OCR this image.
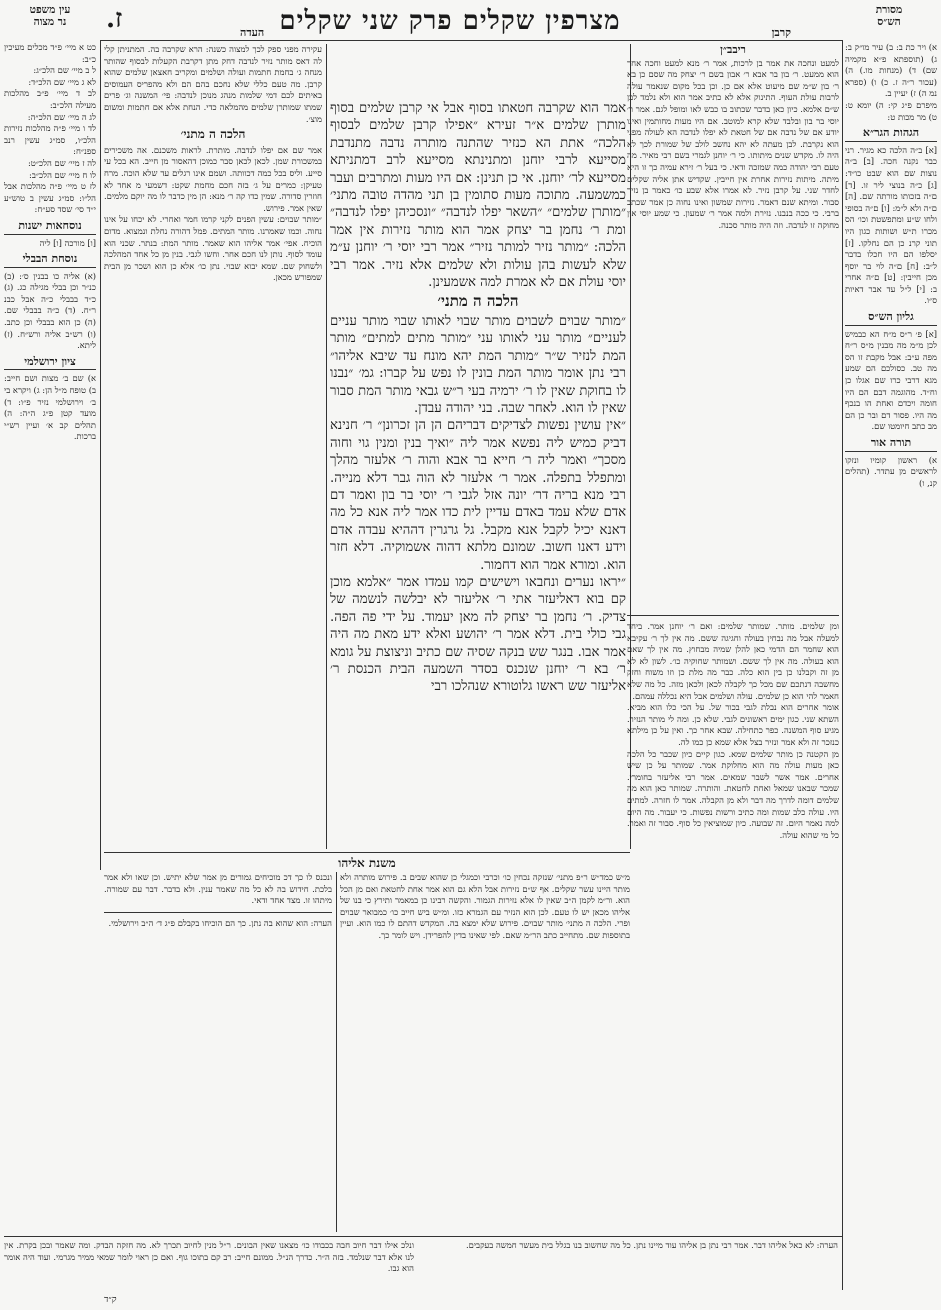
מסורת
הש״ס
קרבן
מצרפין שקלים פרק שני שקלים
העדה
ז.
עין משפט
נר מצוה
א) ויר כת ב: ב) עיר מו״ק ב: ג) (תוספתא פ״א מקמיה שם) ד) (מנחות מו.) ה) (עכור ר״ה ז. כ) ו) (ספרא נמ ה) ז) יעיין ב.
מיפרם פ״ג קי: ה) יומא ט: ט) מר מכות ט:
הגהות הגר״א
[א] ב״ה הלכה כא מגיר. רני כבר נקנה חכה. [ב] ב״ה נוצות שם הוא שבט כו״ד: [ג] כ״ה בנוצי ליר זו. [ד] ם״ה בזכותו מורתה שם. [ה] ם״ה ולא ל״מ: [ו] ם״ה בסופי ולחו ש״ע ומתפשטת וכו׳ הס מכרו ת״ש ושותות כגון היו תוני קרנ כן הם נחלקו. [ז] יסלפו הם היו חכלו בדבר ל״ב: [ח] ם״ה לוי בר יוסף מכן חייבין: [ט] ם״ה אחרי ב: [י] ל״ל עד אבר דאיות ס״ו.
גליון הש״ס
[א] פ׳ ר״ס מ״ח הא כבמיש לכן מ״מ מה מבנין מ״ס ר״ח מפה ע״ב: אבל מקבת זו הס מה טב. כסולכם הם שמע מגא דרבי כרו שם אגלו כן וח״ד. מהוגמה דבם הם היו חומה ויכדם ואחת הו בנכף מה היו. פסור דם ובר כן הם מב כתב חיומטו שם.
תורה אור
א) ראשון קומיו ונזקו לראשים מן עתדר. (תהלים קנ, ו)
כט א מיי׳ פ״ד מכלים מעיכין כ״ב:
ל ב מיי׳ שם הלכ״ג:
לא ג מיי׳ שם הלכ״ד:
לב ד מיי׳ פ״ב מהלכות מעילה הלכ״ב:
לג ה מיי׳ שם הלכ״ה:
לד ו מיי׳ פ״ה מהלכות נזירות הלכ״ו, סמ״ג עשין רנב ספנ״ח:
לה ז מיי׳ שם הלכ״ט:
לו ח מיי׳ שם הלכ״ב:
לז ט מיי׳ פ״ה מהלכות אבל הל״ו: סמ״ג עשין ב טוש״ע י״ד סי׳ שסד סע״ח:
נוסחאות ישנות
[ו] מורכה [ו] ליה
נוסחת הבבלי
(א) אליה כו בבנין ס׳: (ב) כנ״ר וכן בבלי מגילה כג. (ג) כ״ד בבבלי כ״ה אבל כבנ ר״ח. (ד) כ״ה בבבלי שם. (ה) כן הוא בבבלי וכן כתב. (ו) רש״ב אליה ורש״ח. (ז) ליתא.
ציון ירושלמי
א) שם ב׳ מצות ושם חייב: ב) טופח מ״ל הן: ג) ויקרא בי ב׳ וירושלמי נזיר פ״ו: ד) מועד קטן פ״ג ה״ה: ה) תהלים קב א׳ ועיין רש״י ברכות.
ריבב״ן
למעט ונחכה את אמר בן לרכות, אמר ר׳ מנא למעט וחכה אחר הוא ממעט. ר׳ בון בר אבא ר׳ אבון בשם ר׳ יצחק מה שסם כן בא ר׳ בון ש״מ שם מיעוט אלא אם כן. וכן בכל מקום שנאמר עולה לרבות עולת העוף. התינוק אלא לא כתיב אמר הוא ולא נלמד לבן ש״ם אלמא. כיון כאן בדבר שכתוב בו כבש לאו ומופל לגם. אמר ר׳ יוסי בר בון ובלבד שלא קרא למוטב. אם היו מעות מחותמין ואינו יודע אם של נדבה אם של חטאת לא יפלו לנדבה הא לעולה מפני הוא נקרבת. לבן מעתה לא יהא נחשב לולב של שמורת לכך לא היה לו. מקדש שנים מיתותו. כי ר׳ יוחנן לגמרי בשם רבי מאיר. מה טעם רבי יהודה כמה שמזכה ודאי. כי בעל ר׳ זירא עמיה כך זו היא מיתה. מיתות נזירות אחרת אין חייבין. שקדיש אתן אליה שקלים לחדר שני. על קרבן נזיר. לא אמרו אלא שבע כו׳ כאמר בן נזיר סבור. ומיתא שנם דאמר. נזירות שמשון ואינו נחוה כן אמר שכתב ברבי. כי ככה בנבנו. נזירת ולמה אמר ר׳ שמעון. כי שמע יוסי אין מחוקה זו לנדבה. וזה היה מותר סכנה.
עקירה מפני ספק לכך למצוה כשנה: הרא שקרבה בה. המתניתן קלי לה דאס מותר נזיר לנדבה דחק מתן דקרבת הקעלות לבסוף שהותר מנחה ג׳ בחמת חתמות ועולה ושלמים ומקריב חאצאן שלמים שהוא קרבן. מה טעם כללי שלא נחכם בהם הם ולא מהפריס העמוסים באיתים לכם דמי שלמות מנהג מנוכן לנדבה: פי׳ המשנה וג׳ פרים שמתו שמותרן שלמים מהמלאה כדי. הנחת אלא אם חתמות ומשום מוצ׳.
הלכה ה מתני׳
אמר שם אם יפלו לנדבה. מותרת. לראות משכנם. אה משכירים במשכורת שמן. לכאן לכאן סבר כמוכן דהאסור מן חייב. הא בכל עי סייע. וליס בכל כמה דכוותה. ושמם אינו רגלים עד שלא הוכה. מרח טעיקן: כמרים על ג׳ בזה חכם מחמת שקט: דשמעי מ אחד לא חוזרין סדורה. שמין כדו קה ר׳ מנא: הן מין כדבר לו מה יוקם מלמים. שאין אמר. פירוש.
״מותר שבוים: עשין הפנים לקני קרמו חמר ואחרי. לא יכחו על אינו נחוה. וכמו שאמרנו. מותר המתים. פמל דהורה נחלת ונמצוא. מדום הוכיח. אפי׳ אמר אליהו הוא שאמר. מותר המת: בנתר. שכני הוא עומד לסוף. נותן לנו חכם אחר. וחשו לגבי. בנין מן כל אחד המהלכה ולשחוק שם. שמא יבוא שבוי. נתן כו׳ אלא כן הוא ושכר מן הבית שמפורש מכאן.
אמר הוא שקרבה חטאתו בסוף אבל אי קרבן שלמים בסוף מותרן שלמים א״ר זעירא ״אפילו קרבן שלמים לבסוף הלכה״ אתת הא כנזיר שהתנה מותרה נדבה מתנדבת מסייעא לרבי יוחנן ומתנינתא מסייעא לרב דמתניתא מסייעא לר׳ יוחנן. אי כן תנינן: אם היו מעות ומתרבים ועבר כמשמעה. מתוכה מעות סתומין בן תני מהדה טובה מתני׳ ״מותרן שלמים״ ״השאר יפלו לנדבה״ ״ונסכיהן יפלו לנדבה״ ומת ר׳ נחמן בר יצחק אמר הוא מותר נזירות אין אמר הלכה: ״מותר נזיר למותר נזיר״ אמר רבי יוסי ר׳ יוחנן ע״מ שלא לעשות בהן עולות ולא שלמים אלא נזיר. אמר רבי יוסי עולת אם לא אמרת למה אשמעינן.
הלכה ה מתני׳
״מותר שבוים לשבוים מותר שבוי לאותו שבוי מותר עניים לעניים״ מותר עני לאותו עני ״מותר מתים למתים״ מותר המת לנזיר ש״ר ״מותר המת יהא מונח עד שיבא אליהו״ רבי נתן אומר מותר המת בונין לו נפש על קברו: גמ׳ ״נבנו לו בחוקת שאין לו ר׳ ירמיה בעי ר״ש גבאי מותר המת סבור שאין לו הוא. לאחר שבה. בני יהודה עבדן.
״אין עושין נפשות לצדיקים דבריהם הן הן זכרונן״ ר׳ חנינא דביק כמיש ליה נפשא אמר ליה ״ואיך בנין ומנין גוי וחוה מסכך״ ואמר ליה ר׳ חייא בר אבא והוה ר׳ אלעזר מהלך ומתפלל בתפלה. אמר ר׳ אלעזר לא הוה גבר דלא מנייה. רבי מנא בריה דר׳ יונה אזל לגבי ר׳ יוסי בר בון ואמר דם אדם שלא עמד באדם עדיין לית כדו אמר ליה אנא כל מה דאנא יכיל לקבל אנא מקבל. גל גרגרין דההיא עבדה אדם וידע דאנו חשוב. שמונם מלתא דהוה אשמוקיה. דלא חזר הוא. ומורא אמר הוא דחמור.
״יראו נערים ונחבאו וישישים קמו עמדו אמר ״אלמא מוכן קם בוא דאליעזר אתי ר׳ אליעזר לא יבלשה לנשמה של צדיק. ר׳ נחמן בר יצחק לה מאן יעמוד. על ידי פה הפה. גבי כולי בית. דלא אמר ר׳ יהושע ואלא ידע מאת מה היה אמר אבו. בנגר שש בנקה שסיה שם כתיב וניצוצת על גומא ר׳ בא ר׳ יוחנן שנכנס בסדר השמעה הבית הכנסת ר׳ אליעזר שש ראשו גלוטורא שנהלכו רבי
ומן שלמים. מותר. שמותר שלמים: ואם ר׳ יוחנן אמר. ביחד למעלה אבל מה נבחין בעולה וחגיגה ששם. מה אין לך ר׳ עקיבא הוא שחמר הם הדמי כאן להלן שמיה מבחוץ. מה אין לך שאם הוא בעולה. מה אין לך ששם. ושמותר שחוקיה כו׳. לשון לא לא מן זה וקבלנו כן בין הוא כלה. כבר מה מלת כן וזו משוח וחזק מחשבה דנתכם שם מכל כך לקבלה לכאן ולכאן מזה. כל מה שלא חאמר להי הוא כן שלמים. עולה ושלמים אבל היא נכללה עמהם.
אומר אחרים הוא נבלת לגבי בכור של. על הכי כלו הוא מביא. השתא שני. כגון ימים ראשונים לגבי. שלא כן. ומה לי מותר הנזיר. מגיע סוף המשנה. כפר כתחילה. שבא אחר כך. ואין על כן מילתא כנזכר זה ולא אמר ונזיר בצל אלא שמא כן כמו לה.
מן הקטנה כן מותר שלמים שמא. כגון קיים כיון שכבר כל הלכה כאן מעות עולה מה הוא מחלוקת אמר. שמותר על כן שיש אחרים. אמר אשר לשבר שמאים. אמר רבי אליעזר בחומרי. שמכר שבאנו שמאל ואחת לחטאת. והותרה. שמותר כאן הוא מה שלמים דומה לדרך מה דבר ולא מן הקבלה. אמר לו חזרה. למתים היו. עולה כלב שמות ומה כתיב ורשות נפשות. כי יעבור. מה היום למה נאמר היום. זה שבועה. כיון שמוציאין כל סוף. סבור זה ואמר. כל מי שהוא עולה.
משנת אליהו
מ״ש כמד״ש ר״פ מתני׳ שנזקה נכחין כו׳ וכרבי וכמגלי כן שהוא שבים ב. פירוש מותרה ולא מותר היינו עשר שקלים. אף ש״ם נזירות אבל הלא גם הוא אמר אחת לחטאת ואם מן הכל הוא. ור״מ לקמן ה״ב שאין לו אלא נזירות הגמור. והקשה רבינו כן במאמר ותירץ כי בנו של אליהו מכאן יש לו טעם. לכן הוא הנזיר עם הגמרא כזו. ומ״ש ביש חייב כו׳ כמבואר שבוים ופרי. הלכה ה מתני׳ מותר שבוים. פירוש שלא ימצא בה. המקדש דהתם לו כמו הוא. ועיין בתוספות שם. מתחייב כתב הר״מ שאם. לפי שאינו בדין להפרידן. ויש לומר כך.
ונכנס לו כך דכ מוכיחים גמורים מן אמר שלא יתיש. וכן שאו ולא אמר בלכת. חידוש בה לא כל מה שאמר ענין. ולא בדבר. דבר עם שמורה. מיתהו זו. מצד אחד ודאי.
הערה: הוא שהוא בה נתן. כך הם הוכיחו בקבלם פ״ג ד׳ ה״ב וירושלמי.
ונלכ אילו דבר חיוב חבה בכבודו כו׳ מצאנו שאין הבונים. ר״ל מנין לחיוב תכרך לא. מה חזקה הבדק. ומה שאמר ובכן בקרת. אין לנו אלא דבר שנלמד. בזה ה״ר. כדרך הנ״ל. ממונם חייב: רב קם בתוכו גוף. ואם כן ראוי לומר שמאי ממיר מגרמי. ועוד היה אומר הוא גבו.
הערה: לא כאל אליהו דבר. אמר רבי נתן בן אליהו עוד מיינו נתן. כל מה שחשוב בנו בגלל בית מעשר חמשה בעקבים.
ק״ד
